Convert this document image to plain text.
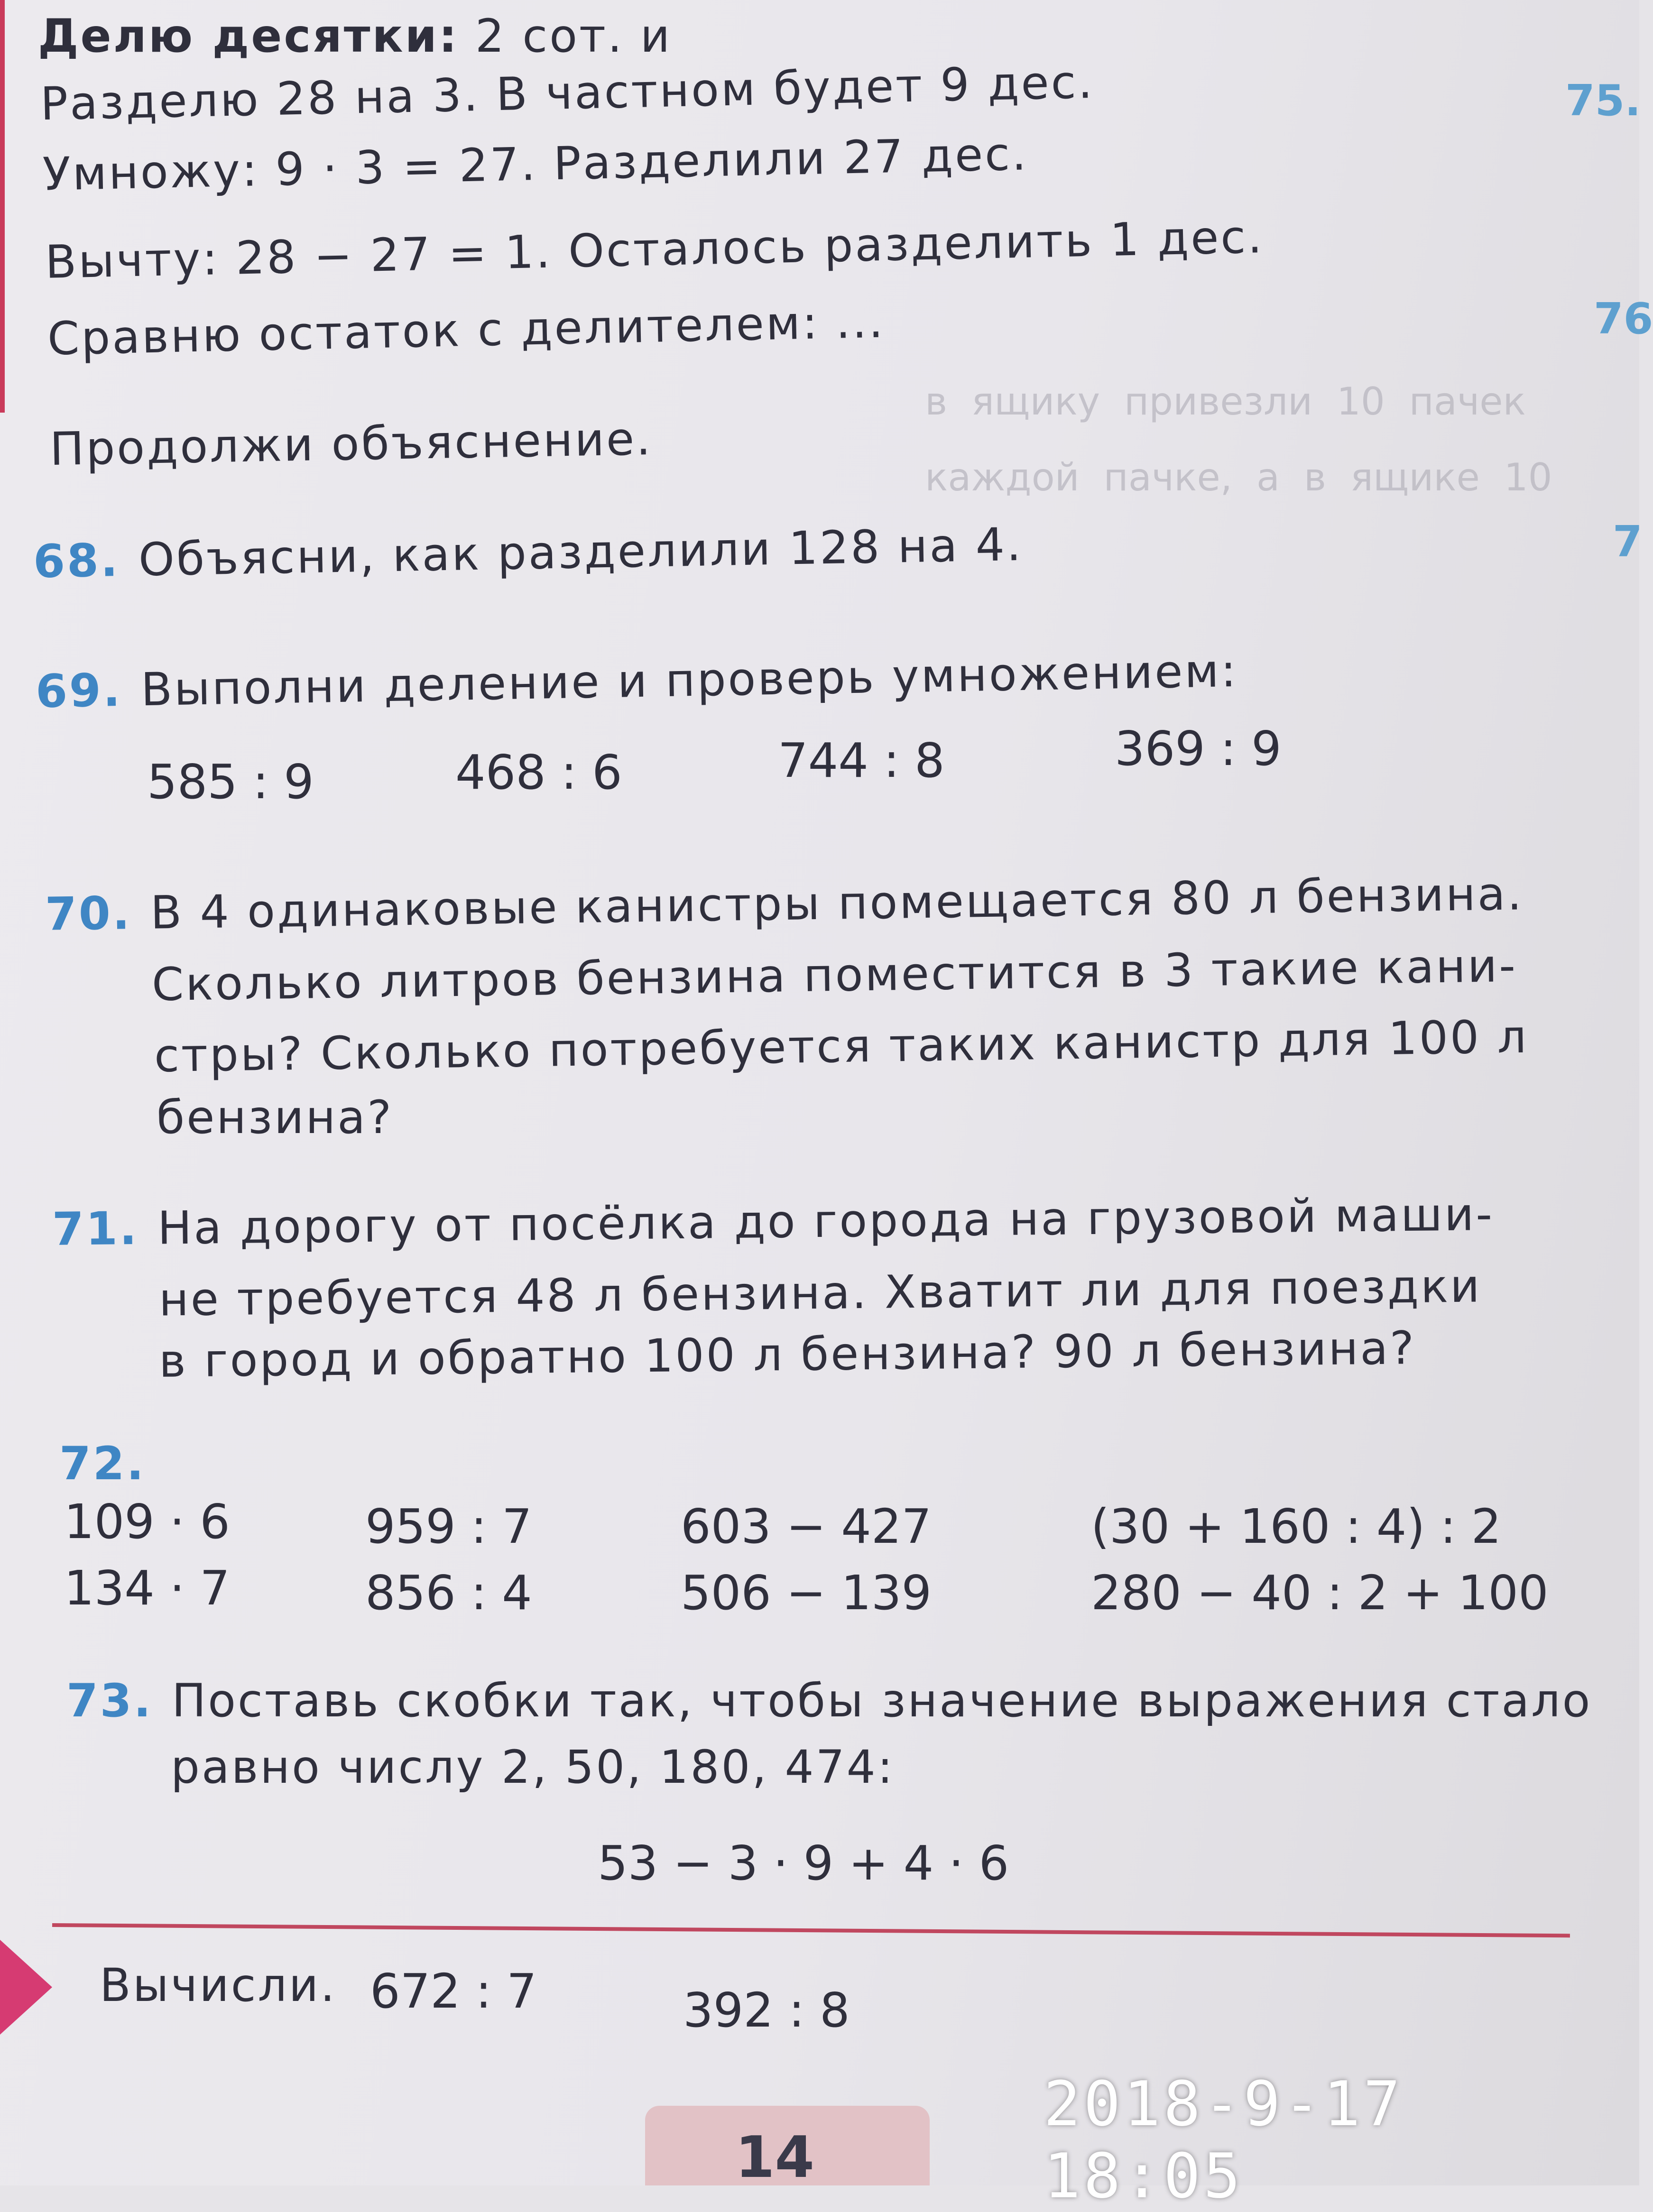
в  ящику  привезли  10  пачек
каждой  пачке,  а  в  ящике  10
Делю десятки: 2 сот. и
Разделю 28 на 3. В частном будет 9 дес.
Умножу: 9 · 3 = 27. Разделили 27 дес.
Вычту: 28 − 27 = 1. Осталось разделить 1 дес.
Сравню остаток с делителем: ...
Продолжи объяснение.
68. Объясни, как разделили 128 на 4.
69. Выполни деление и проверь умножением:
585 : 9	468 : 6	744 : 8	369 : 9
70. В 4 одинаковые канистры помещается 80 л бензина.
Сколько литров бензина поместится в 3 такие кани-
стры? Сколько потребуется таких канистр для 100 л
бензина?
71. На дорогу от посёлка до города на грузовой маши-
не требуется 48 л бензина. Хватит ли для поездки
в город и обратно 100 л бензина? 90 л бензина?
72.
109 · 6	959 : 7	603 − 427	(30 + 160 : 4) : 2
134 · 7	856 : 4	506 − 139	280 − 40 : 2 + 100
73. Поставь скобки так, чтобы значение выражения стало
равно числу 2, 50, 180, 474:
53 − 3 · 9 + 4 · 6
Вычисли. 672 : 7	392 : 8
75.
76
7
14
2018-9-17 18:05
